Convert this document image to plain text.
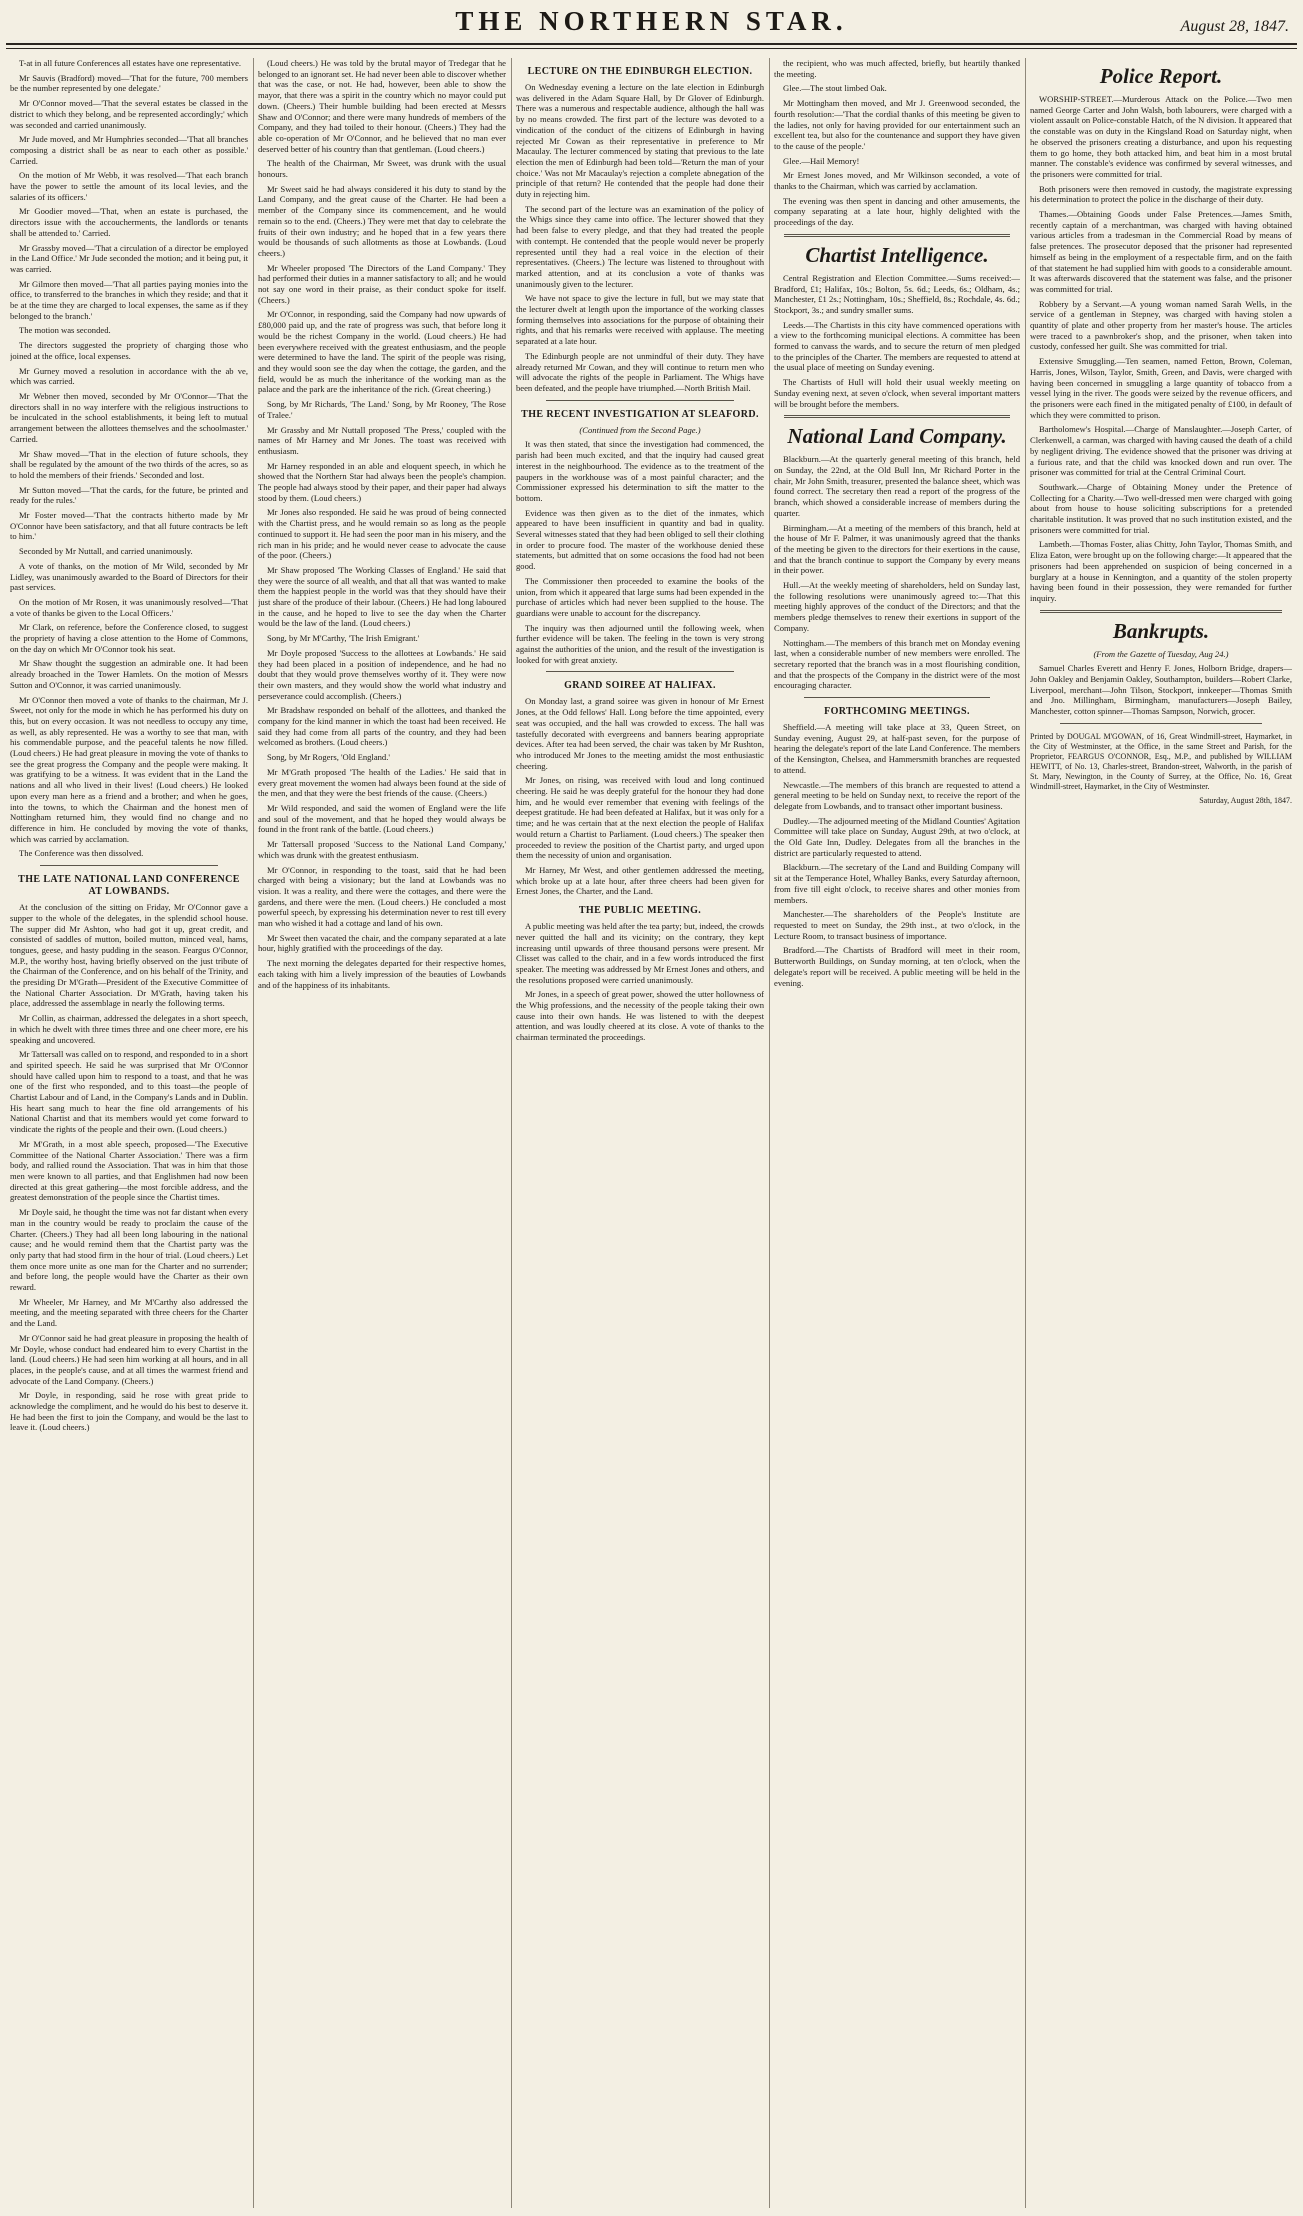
THE NORTHERN STAR.	August 28, 1847.

T-at in all future Conferences all estates have one representative.

Mr Sauvis (Bradford) moved—'That for the future, 700 members be the number represented by one delegate.'

Mr O'Connor moved—'That the several estates be classed in the district to which they belong, and be represented accordingly;' which was seconded and carried unanimously.

Mr Jude moved, and Mr Humphries seconded—'That all branches composing a district shall be as near to each other as possible.' Carried.

On the motion of Mr Webb, it was resolved—'That each branch have the power to settle the amount of its local levies, and the salaries of its officers.'

Mr Goodier moved—'That, when an estate is purchased, the directors issue with the accoucherments, the landlords or tenants shall be attended to.' Carried.

Mr Grassby moved—'That a circulation of a director be employed in the Land Office.' Mr Jude seconded the motion; and it being put, it was carried.

Mr Gilmore then moved—'That all parties paying monies into the office, to transferred to the branches in which they reside; and that it be at the time they are charged to local expenses, the same as if they belonged to the branch.'

The motion was seconded.

The directors suggested the propriety of charging those who joined at the office, local expenses.

Mr Gurney moved a resolution in accordance with the ab ve, which was carried.

Mr Webner then moved, seconded by Mr O'Connor—'That the directors shall in no way interfere with the religious instructions to be inculcated in the school establishments, it being left to mutual arrangement between the allottees themselves and the schoolmaster.' Carried.

Mr Shaw moved—'That in the election of future schools, they shall be regulated by the amount of the two thirds of the acres, so as to hold the members of their friends.' Seconded and lost.

Mr Sutton moved—'That the cards, for the future, be printed and ready for the rules.'

Mr Foster moved—'That the contracts hitherto made by Mr O'Connor have been satisfactory, and that all future contracts be left to him.'

Seconded by Mr Nuttall, and carried unanimously.

A vote of thanks, on the motion of Mr Wild, seconded by Mr Lidley, was unanimously awarded to the Board of Directors for their past services.

On the motion of Mr Rosen, it was unanimously resolved—'That a vote of thanks be given to the Local Officers.'

Mr Clark, on reference, before the Conference closed, to suggest the propriety of having a close attention to the Home of Commons, on the day on which Mr O'Connor took his seat.

Mr Shaw thought the suggestion an admirable one. It had been already broached in the Tower Hamlets. On the motion of Messrs Sutton and O'Connor, it was carried unanimously.

Mr O'Connor then moved a vote of thanks to the chairman, Mr J. Sweet, not only for the mode in which he has performed his duty on this, but on every occasion. It was not needless to occupy any time, as well, as ably represented. He was a worthy to see that man, with his commendable purpose, and the peaceful talents he now filled. (Loud cheers.) He had great pleasure in moving the vote of thanks to see the great progress the Company and the people were making. It was gratifying to be a witness. It was evident that in the Land the nations and all who lived in their lives! (Loud cheers.) He looked upon every man here as a friend and a brother; and when he goes, into the towns, to which the Chairman and the honest men of Nottingham returned him, they would find no change and no difference in him. He concluded by moving the vote of thanks, which was carried by acclamation.

The Conference was then dissolved.

THE LATE NATIONAL LAND CONFERENCE AT LOWBANDS.

At the conclusion of the sitting on Friday, Mr O'Connor gave a supper to the whole of the delegates, in the splendid school house. The supper did Mr Ashton, who had got it up, great credit, and consisted of saddles of mutton, boiled mutton, minced veal, hams, tongues, geese, and hasty pudding in the season. Feargus O'Connor, M.P., the worthy host, having briefly observed on the just tribute of the Chairman of the Conference, and on his behalf of the Trinity, and the presiding Dr M'Grath—President of the Executive Committee of the National Charter Association. Dr M'Grath, having taken his place, addressed the assemblage in nearly the following terms.

Mr Collin, as chairman, addressed the delegates in a short speech, in which he dwelt with three times three and one cheer more, ere his speaking and uncovered.

Mr Tattersall was called on to respond, and responded to in a short and spirited speech. He said he was surprised that Mr O'Connor should have called upon him to respond to a toast, and that he was one of the first who responded, and to this toast—the people of Chartist Labour and of Land, in the Company's Lands and in Dublin. His heart sang much to hear the fine old arrangements of his National Chartist and that its members would yet come forward to vindicate the rights of the people and their own. (Loud cheers.)

Mr M'Grath, in a most able speech, proposed—'The Executive Committee of the National Charter Association.' There was a firm body, and rallied round the Association. That was in him that those men were known to all parties, and that Englishmen had now been directed at this great gathering—the most forcible address, and the greatest demonstration of the people since the Chartist times.

Mr Doyle said, he thought the time was not far distant when every man in the country would be ready to proclaim the cause of the Charter. (Cheers.) They had all been long labouring in the national cause; and he would remind them that the Chartist party was the only party that had stood firm in the hour of trial. (Loud cheers.) Let them once more unite as one man for the Charter and no surrender; and before long, the people would have the Charter as their own reward.

Mr Wheeler, Mr Harney, and Mr M'Carthy also addressed the meeting, and the meeting separated with three cheers for the Charter and the Land.

Mr O'Connor said he had great pleasure in proposing the health of Mr Doyle, whose conduct had endeared him to every Chartist in the land. (Loud cheers.) He had seen him working at all hours, and in all places, in the people's cause, and at all times the warmest friend and advocate of the Land Company. (Cheers.)

Mr Doyle, in responding, said he rose with great pride to acknowledge the compliment, and he would do his best to deserve it. He had been the first to join the Company, and would be the last to leave it. (Loud cheers.)

(Loud cheers.) He was told by the brutal mayor of Tredegar that he belonged to an ignorant set. He had never been able to discover whether that was the case, or not. He had, however, been able to show the mayor, that there was a spirit in the country which no mayor could put down. (Cheers.) Their humble building had been erected at Messrs Shaw and O'Connor; and there were many hundreds of members of the Company, and they had toiled to their honour. (Cheers.) They had the able co-operation of Mr O'Connor, and he believed that no man ever deserved better of his country than that gentleman. (Loud cheers.)

The health of the Chairman, Mr Sweet, was drunk with the usual honours.

Mr Sweet said he had always considered it his duty to stand by the Land Company, and the great cause of the Charter. He had been a member of the Company since its commencement, and he would remain so to the end. (Cheers.) They were met that day to celebrate the fruits of their own industry; and he hoped that in a few years there would be thousands of such allotments as those at Lowbands. (Loud cheers.)

Mr Wheeler proposed 'The Directors of the Land Company.' They had performed their duties in a manner satisfactory to all; and he would not say one word in their praise, as their conduct spoke for itself. (Cheers.)

Mr O'Connor, in responding, said the Company had now upwards of £80,000 paid up, and the rate of progress was such, that before long it would be the richest Company in the world. (Loud cheers.) He had been everywhere received with the greatest enthusiasm, and the people were determined to have the land. The spirit of the people was rising, and they would soon see the day when the cottage, the garden, and the field, would be as much the inheritance of the working man as the palace and the park are the inheritance of the rich. (Great cheering.)

Song, by Mr Richards, 'The Land.' Song, by Mr Rooney, 'The Rose of Tralee.'

Mr Grassby and Mr Nuttall proposed 'The Press,' coupled with the names of Mr Harney and Mr Jones. The toast was received with enthusiasm.

Mr Harney responded in an able and eloquent speech, in which he showed that the Northern Star had always been the people's champion. The people had always stood by their paper, and their paper had always stood by them. (Loud cheers.)

Mr Jones also responded. He said he was proud of being connected with the Chartist press, and he would remain so as long as the people continued to support it. He had seen the poor man in his misery, and the rich man in his pride; and he would never cease to advocate the cause of the poor. (Cheers.)

Mr Shaw proposed 'The Working Classes of England.' He said that they were the source of all wealth, and that all that was wanted to make them the happiest people in the world was that they should have their just share of the produce of their labour. (Cheers.) He had long laboured in the cause, and he hoped to live to see the day when the Charter would be the law of the land. (Loud cheers.)

Song, by Mr M'Carthy, 'The Irish Emigrant.'

Mr Doyle proposed 'Success to the allottees at Lowbands.' He said they had been placed in a position of independence, and he had no doubt that they would prove themselves worthy of it. They were now their own masters, and they would show the world what industry and perseverance could accomplish. (Cheers.)

Mr Bradshaw responded on behalf of the allottees, and thanked the company for the kind manner in which the toast had been received. He said they had come from all parts of the country, and they had been welcomed as brothers. (Loud cheers.)

Song, by Mr Rogers, 'Old England.'

Mr M'Grath proposed 'The health of the Ladies.' He said that in every great movement the women had always been found at the side of the men, and that they were the best friends of the cause. (Cheers.)

Mr Wild responded, and said the women of England were the life and soul of the movement, and that he hoped they would always be found in the front rank of the battle. (Loud cheers.)

Mr Tattersall proposed 'Success to the National Land Company,' which was drunk with the greatest enthusiasm.

Mr O'Connor, in responding to the toast, said that he had been charged with being a visionary; but the land at Lowbands was no vision. It was a reality, and there were the cottages, and there were the gardens, and there were the men. (Loud cheers.) He concluded a most powerful speech, by expressing his determination never to rest till every man who wished it had a cottage and land of his own.

Mr Sweet then vacated the chair, and the company separated at a late hour, highly gratified with the proceedings of the day.

The next morning the delegates departed for their respective homes, each taking with him a lively impression of the beauties of Lowbands and of the happiness of its inhabitants.

LECTURE ON THE EDINBURGH ELECTION.

On Wednesday evening a lecture on the late election in Edinburgh was delivered in the Adam Square Hall, by Dr Glover of Edinburgh. There was a numerous and respectable audience, although the hall was by no means crowded. The first part of the lecture was devoted to a vindication of the conduct of the citizens of Edinburgh in having rejected Mr Cowan as their representative in preference to Mr Macaulay. The lecturer commenced by stating that previous to the late election the men of Edinburgh had been told—'Return the man of your choice.' Was not Mr Macaulay's rejection a complete abnegation of the principle of that return? He contended that the people had done their duty in rejecting him.

The second part of the lecture was an examination of the policy of the Whigs since they came into office. The lecturer showed that they had been false to every pledge, and that they had treated the people with contempt. He contended that the people would never be properly represented until they had a real voice in the election of their representatives. (Cheers.) The lecture was listened to throughout with marked attention, and at its conclusion a vote of thanks was unanimously given to the lecturer.

We have not space to give the lecture in full, but we may state that the lecturer dwelt at length upon the importance of the working classes forming themselves into associations for the purpose of obtaining their rights, and that his remarks were received with applause. The meeting separated at a late hour.

The Edinburgh people are not unmindful of their duty. They have already returned Mr Cowan, and they will continue to return men who will advocate the rights of the people in Parliament. The Whigs have been defeated, and the people have triumphed.—North British Mail.

THE RECENT INVESTIGATION AT SLEAFORD.

(Continued from the Second Page.)

It was then stated, that since the investigation had commenced, the parish had been much excited, and that the inquiry had caused great interest in the neighbourhood. The evidence as to the treatment of the paupers in the workhouse was of a most painful character; and the Commissioner expressed his determination to sift the matter to the bottom.

Evidence was then given as to the diet of the inmates, which appeared to have been insufficient in quantity and bad in quality. Several witnesses stated that they had been obliged to sell their clothing in order to procure food. The master of the workhouse denied these statements, but admitted that on some occasions the food had not been good.

The Commissioner then proceeded to examine the books of the union, from which it appeared that large sums had been expended in the purchase of articles which had never been supplied to the house. The guardians were unable to account for the discrepancy.

The inquiry was then adjourned until the following week, when further evidence will be taken. The feeling in the town is very strong against the authorities of the union, and the result of the investigation is looked for with great anxiety.

GRAND SOIREE AT HALIFAX.

On Monday last, a grand soiree was given in honour of Mr Ernest Jones, at the Odd fellows' Hall. Long before the time appointed, every seat was occupied, and the hall was crowded to excess. The hall was tastefully decorated with evergreens and banners bearing appropriate devices. After tea had been served, the chair was taken by Mr Rushton, who introduced Mr Jones to the meeting amidst the most enthusiastic cheering.

Mr Jones, on rising, was received with loud and long continued cheering. He said he was deeply grateful for the honour they had done him, and he would ever remember that evening with feelings of the deepest gratitude. He had been defeated at Halifax, but it was only for a time; and he was certain that at the next election the people of Halifax would return a Chartist to Parliament. (Loud cheers.) The speaker then proceeded to review the position of the Chartist party, and urged upon them the necessity of union and organisation.

Mr Harney, Mr West, and other gentlemen addressed the meeting, which broke up at a late hour, after three cheers had been given for Ernest Jones, the Charter, and the Land.

THE PUBLIC MEETING.

A public meeting was held after the tea party; but, indeed, the crowds never quitted the hall and its vicinity; on the contrary, they kept increasing until upwards of three thousand persons were present. Mr Clisset was called to the chair, and in a few words introduced the first speaker. The meeting was addressed by Mr Ernest Jones and others, and the resolutions proposed were carried unanimously.

Mr Jones, in a speech of great power, showed the utter hollowness of the Whig professions, and the necessity of the people taking their own cause into their own hands. He was listened to with the deepest attention, and was loudly cheered at its close. A vote of thanks to the chairman terminated the proceedings.

the recipient, who was much affected, briefly, but heartily thanked the meeting.

Glee.—The stout limbed Oak.

Mr Mottingham then moved, and Mr J. Greenwood seconded, the fourth resolution:—'That the cordial thanks of this meeting be given to the ladies, not only for having provided for our entertainment such an excellent tea, but also for the countenance and support they have given to the cause of the people.'

Glee.—Hail Memory!

Mr Ernest Jones moved, and Mr Wilkinson seconded, a vote of thanks to the Chairman, which was carried by acclamation.

The evening was then spent in dancing and other amusements, the company separating at a late hour, highly delighted with the proceedings of the day.

Chartist Intelligence.

Central Registration and Election Committee.—Sums received:—Bradford, £1; Halifax, 10s.; Bolton, 5s. 6d.; Leeds, 6s.; Oldham, 4s.; Manchester, £1 2s.; Nottingham, 10s.; Sheffield, 8s.; Rochdale, 4s. 6d.; Stockport, 3s.; and sundry smaller sums.

Leeds.—The Chartists in this city have commenced operations with a view to the forthcoming municipal elections. A committee has been formed to canvass the wards, and to secure the return of men pledged to the principles of the Charter. The members are requested to attend at the usual place of meeting on Sunday evening.

The Chartists of Hull will hold their usual weekly meeting on Sunday evening next, at seven o'clock, when several important matters will be brought before the members.

National Land Company.

Blackburn.—At the quarterly general meeting of this branch, held on Sunday, the 22nd, at the Old Bull Inn, Mr Richard Porter in the chair, Mr John Smith, treasurer, presented the balance sheet, which was found correct. The secretary then read a report of the progress of the branch, which showed a considerable increase of members during the quarter.

Birmingham.—At a meeting of the members of this branch, held at the house of Mr F. Palmer, it was unanimously agreed that the thanks of the meeting be given to the directors for their exertions in the cause, and that the branch continue to support the Company by every means in their power.

Hull.—At the weekly meeting of shareholders, held on Sunday last, the following resolutions were unanimously agreed to:—That this meeting highly approves of the conduct of the Directors; and that the members pledge themselves to renew their exertions in support of the Company.

Nottingham.—The members of this branch met on Monday evening last, when a considerable number of new members were enrolled. The secretary reported that the branch was in a most flourishing condition, and that the prospects of the Company in the district were of the most encouraging character.

FORTHCOMING MEETINGS.

Sheffield.—A meeting will take place at 33, Queen Street, on Sunday evening, August 29, at half-past seven, for the purpose of hearing the delegate's report of the late Land Conference. The members of the Kensington, Chelsea, and Hammersmith branches are requested to attend.

Newcastle.—The members of this branch are requested to attend a general meeting to be held on Sunday next, to receive the report of the delegate from Lowbands, and to transact other important business.

Dudley.—The adjourned meeting of the Midland Counties' Agitation Committee will take place on Sunday, August 29th, at two o'clock, at the Old Gate Inn, Dudley. Delegates from all the branches in the district are particularly requested to attend.

Blackburn.—The secretary of the Land and Building Company will sit at the Temperance Hotel, Whalley Banks, every Saturday afternoon, from five till eight o'clock, to receive shares and other monies from members.

Manchester.—The shareholders of the People's Institute are requested to meet on Sunday, the 29th inst., at two o'clock, in the Lecture Room, to transact business of importance.

Bradford.—The Chartists of Bradford will meet in their room, Butterworth Buildings, on Sunday morning, at ten o'clock, when the delegate's report will be received. A public meeting will be held in the evening.

Police Report.

WORSHIP-STREET.—Murderous Attack on the Police.—Two men named George Carter and John Walsh, both labourers, were charged with a violent assault on Police-constable Hatch, of the N division. It appeared that the constable was on duty in the Kingsland Road on Saturday night, when he observed the prisoners creating a disturbance, and upon his requesting them to go home, they both attacked him, and beat him in a most brutal manner. The constable's evidence was confirmed by several witnesses, and the prisoners were committed for trial.

Both prisoners were then removed in custody, the magistrate expressing his determination to protect the police in the discharge of their duty.

Thames.—Obtaining Goods under False Pretences.—James Smith, recently captain of a merchantman, was charged with having obtained various articles from a tradesman in the Commercial Road by means of false pretences. The prosecutor deposed that the prisoner had represented himself as being in the employment of a respectable firm, and on the faith of that statement he had supplied him with goods to a considerable amount. It was afterwards discovered that the statement was false, and the prisoner was committed for trial.

Robbery by a Servant.—A young woman named Sarah Wells, in the service of a gentleman in Stepney, was charged with having stolen a quantity of plate and other property from her master's house. The articles were traced to a pawnbroker's shop, and the prisoner, when taken into custody, confessed her guilt. She was committed for trial.

Extensive Smuggling.—Ten seamen, named Fetton, Brown, Coleman, Harris, Jones, Wilson, Taylor, Smith, Green, and Davis, were charged with having been concerned in smuggling a large quantity of tobacco from a vessel lying in the river. The goods were seized by the revenue officers, and the prisoners were each fined in the mitigated penalty of £100, in default of which they were committed to prison.

Bartholomew's Hospital.—Charge of Manslaughter.—Joseph Carter, of Clerkenwell, a carman, was charged with having caused the death of a child by negligent driving. The evidence showed that the prisoner was driving at a furious rate, and that the child was knocked down and run over. The prisoner was committed for trial at the Central Criminal Court.

Southwark.—Charge of Obtaining Money under the Pretence of Collecting for a Charity.—Two well-dressed men were charged with going about from house to house soliciting subscriptions for a pretended charitable institution. It was proved that no such institution existed, and the prisoners were committed for trial.

Lambeth.—Thomas Foster, alias Chitty, John Taylor, Thomas Smith, and Eliza Eaton, were brought up on the following charge:—It appeared that the prisoners had been apprehended on suspicion of being concerned in a burglary at a house in Kennington, and a quantity of the stolen property having been found in their possession, they were remanded for further inquiry.

Bankrupts.

(From the Gazette of Tuesday, Aug 24.)

Samuel Charles Everett and Henry F. Jones, Holborn Bridge, drapers—John Oakley and Benjamin Oakley, Southampton, builders—Robert Clarke, Liverpool, merchant—John Tilson, Stockport, innkeeper—Thomas Smith and Jno. Millingham, Birmingham, manufacturers—Joseph Bailey, Manchester, cotton spinner—Thomas Sampson, Norwich, grocer.

Printed by DOUGAL M'GOWAN, of 16, Great Windmill-street, Haymarket, in the City of Westminster, at the Office, in the same Street and Parish, for the Proprietor, FEARGUS O'CONNOR, Esq., M.P., and published by WILLIAM HEWITT, of No. 13, Charles-street, Brandon-street, Walworth, in the parish of St. Mary, Newington, in the County of Surrey, at the Office, No. 16, Great Windmill-street, Haymarket, in the City of Westminster.

Saturday, August 28th, 1847.
